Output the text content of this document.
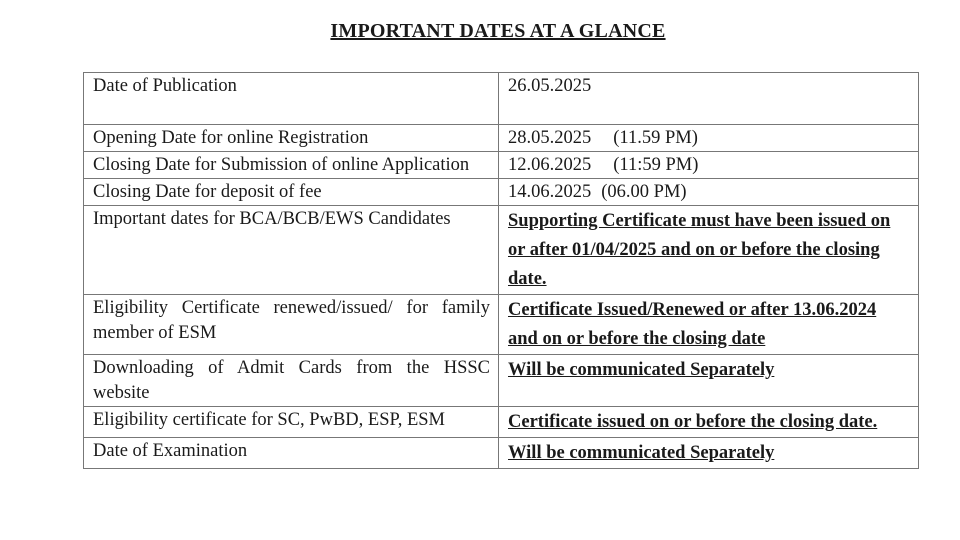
IMPORTANT DATES AT A GLANCE
Date of Publication	26.05.2025
Opening Date for online Registration	28.05.2025 (11.59 PM)
Closing Date for Submission of online Application	12.06.2025 (11:59 PM)
Closing Date for deposit of fee	14.06.2025 (06.00 PM)
Important dates for BCA/BCB/EWS Candidates	Supporting Certificate must have been issued on or after 01/04/2025 and on or before the closing date.
Eligibility Certificate renewed/issued/ for family member of ESM	Certificate Issued/Renewed or after 13.06.2024 and on or before the closing date
Downloading of Admit Cards from the HSSC website	Will be communicated Separately
Eligibility certificate for SC, PwBD, ESP, ESM	Certificate issued on or before the closing date.
Date of Examination	Will be communicated Separately
